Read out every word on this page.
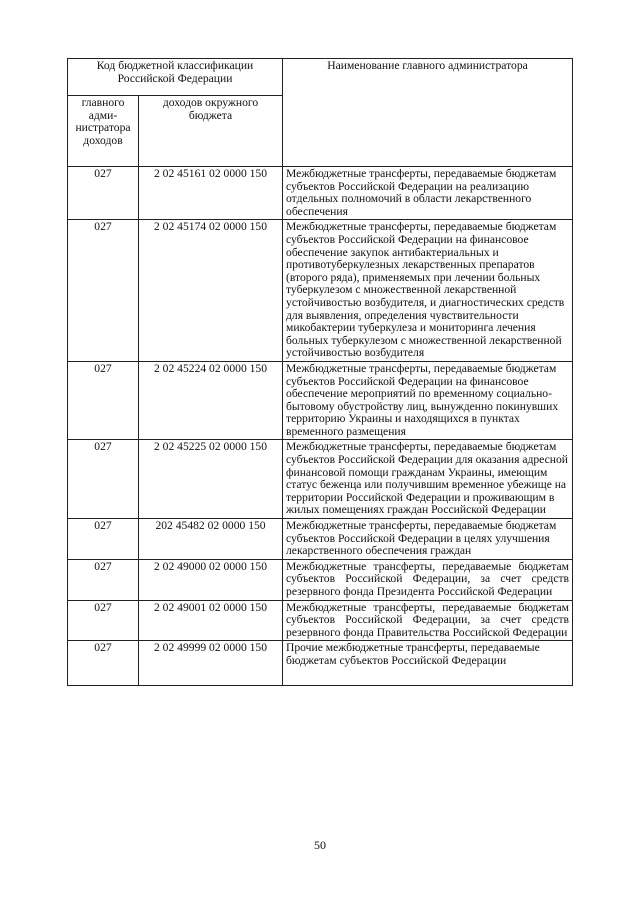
Код бюджетной классификации Российской Федерации		Наименование главного администратора
главного адми-нистратора доходов	доходов окружного бюджета	
027	2 02 45161 02 0000 150	Межбюджетные трансферты, передаваемые бюджетам субъектов Российской Федерации на реализацию отдельных полномочий в области лекарственного обеспечения
027	2 02 45174 02 0000 150	Межбюджетные трансферты, передаваемые бюджетам субъектов Российской Федерации на финансовое обеспечение закупок антибактериальных и противотуберкулезных лекарственных препаратов (второго ряда), применяемых при лечении больных туберкулезом с множественной лекарственной устойчивостью возбудителя, и диагностических средств для выявления, определения чувствительности микобактерии туберкулеза и мониторинга лечения больных туберкулезом с множественной лекарственной устойчивостью возбудителя
027	2 02 45224 02 0000 150	Межбюджетные трансферты, передаваемые бюджетам субъектов Российской Федерации на финансовое обеспечение мероприятий по временному социально-бытовому обустройству лиц, вынужденно покинувших территорию Украины и находящихся в пунктах временного размещения
027	2 02 45225 02 0000 150	Межбюджетные трансферты, передаваемые бюджетам субъектов Российской Федерации для оказания адресной финансовой помощи гражданам Украины, имеющим статус беженца или получившим временное убежище на территории Российской Федерации и проживающим в жилых помещениях граждан Российской Федерации
027	202 45482 02 0000 150	Межбюджетные трансферты, передаваемые бюджетам субъектов Российской Федерации в целях улучшения лекарственного обеспечения граждан
027	2 02 49000 02 0000 150	Межбюджетные трансферты, передаваемые бюджетам субъектов Российской Федерации, за счет средств резервного фонда Президента Российской Федерации
027	2 02 49001 02 0000 150	Межбюджетные трансферты, передаваемые бюджетам субъектов Российской Федерации, за счет средств резервного фонда Правительства Российской Федерации
027	2 02 49999 02 0000 150	Прочие межбюджетные трансферты, передаваемые бюджетам субъектов Российской Федерации
50
